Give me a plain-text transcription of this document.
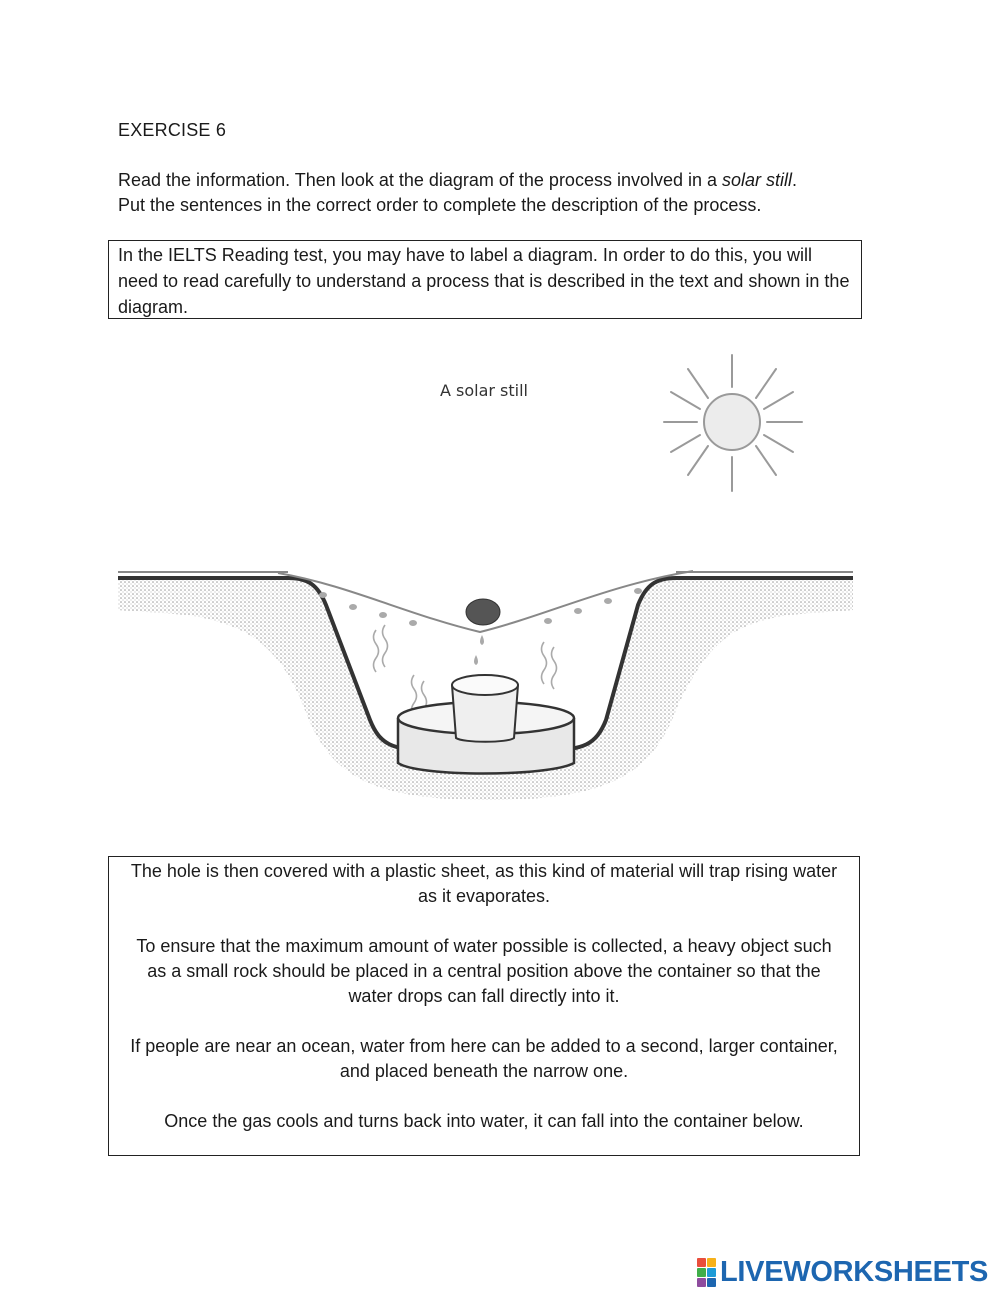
EXERCISE 6

Read the information. Then look at the diagram of the process involved in a solar still.

Put the sentences in the correct order to complete the description of the process.

In the IELTS Reading test, you may have to label a diagram. In order to do this, you will need to read carefully to understand a process that is described in the text and shown in the diagram.
A solar still

The hole is then covered with a plastic sheet, as this kind of material will trap rising water as it evaporates.

To ensure that the maximum amount of water possible is collected, a heavy object such as a small rock should be placed in a central position above the container so that the water drops can fall directly into it.

If people are near an ocean, water from here can be added to a second, larger container, and placed beneath the narrow one.

Once the gas cools and turns back into water, it can fall into the container below.

LIVEWORKSHEETS
